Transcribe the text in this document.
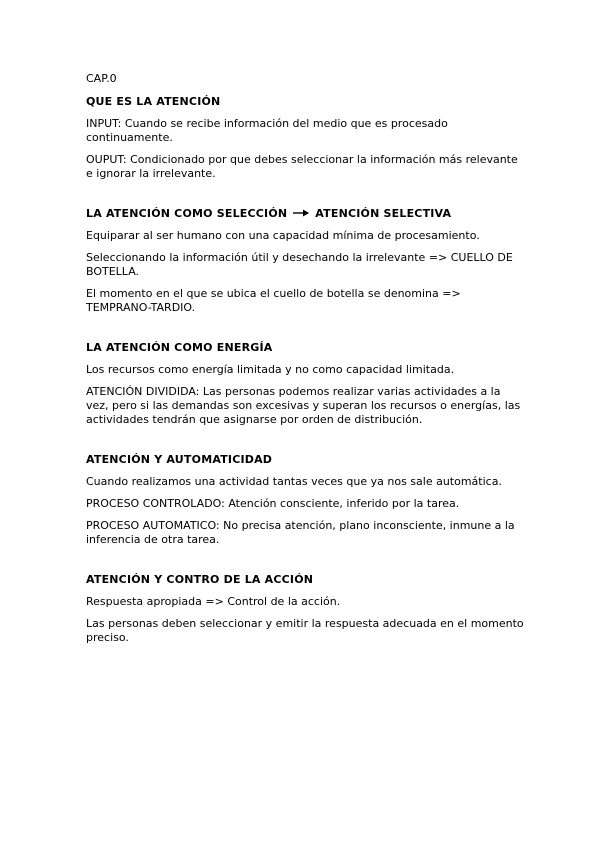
CAP.0
QUE ES LA ATENCIÓN
INPUT: Cuando se recibe información del medio que es procesado continuamente.
OUPUT: Condicionado por que debes seleccionar la información más relevante e ignorar la irrelevante.
LA ATENCIÓN COMO SELECCIÓN	ATENCIÓN SELECTIVA
Equiparar al ser humano con una capacidad mínima de procesamiento.
Seleccionando la información útil y desechando la irrelevante => CUELLO DE BOTELLA.
El momento en el que se ubica el cuello de botella se denomina => TEMPRANO-TARDIO.
LA ATENCIÓN COMO ENERGÍA
Los recursos como energía limitada y no como capacidad limitada.
ATENCIÓN DIVIDIDA: Las personas podemos realizar varias actividades a la vez, pero si las demandas son excesivas y superan los recursos o energías, las actividades tendrán que asignarse por orden de distribución.
ATENCIÓN Y AUTOMATICIDAD
Cuando realizamos una actividad tantas veces que ya nos sale automática.
PROCESO CONTROLADO: Atención consciente, inferido por la tarea.
PROCESO AUTOMATICO: No precisa atención, plano inconsciente, inmune a la inferencia de otra tarea.
ATENCIÓN Y CONTRO DE LA ACCIÓN
Respuesta apropiada => Control de la acción.
Las personas deben seleccionar y emitir la respuesta adecuada en el momento preciso.
